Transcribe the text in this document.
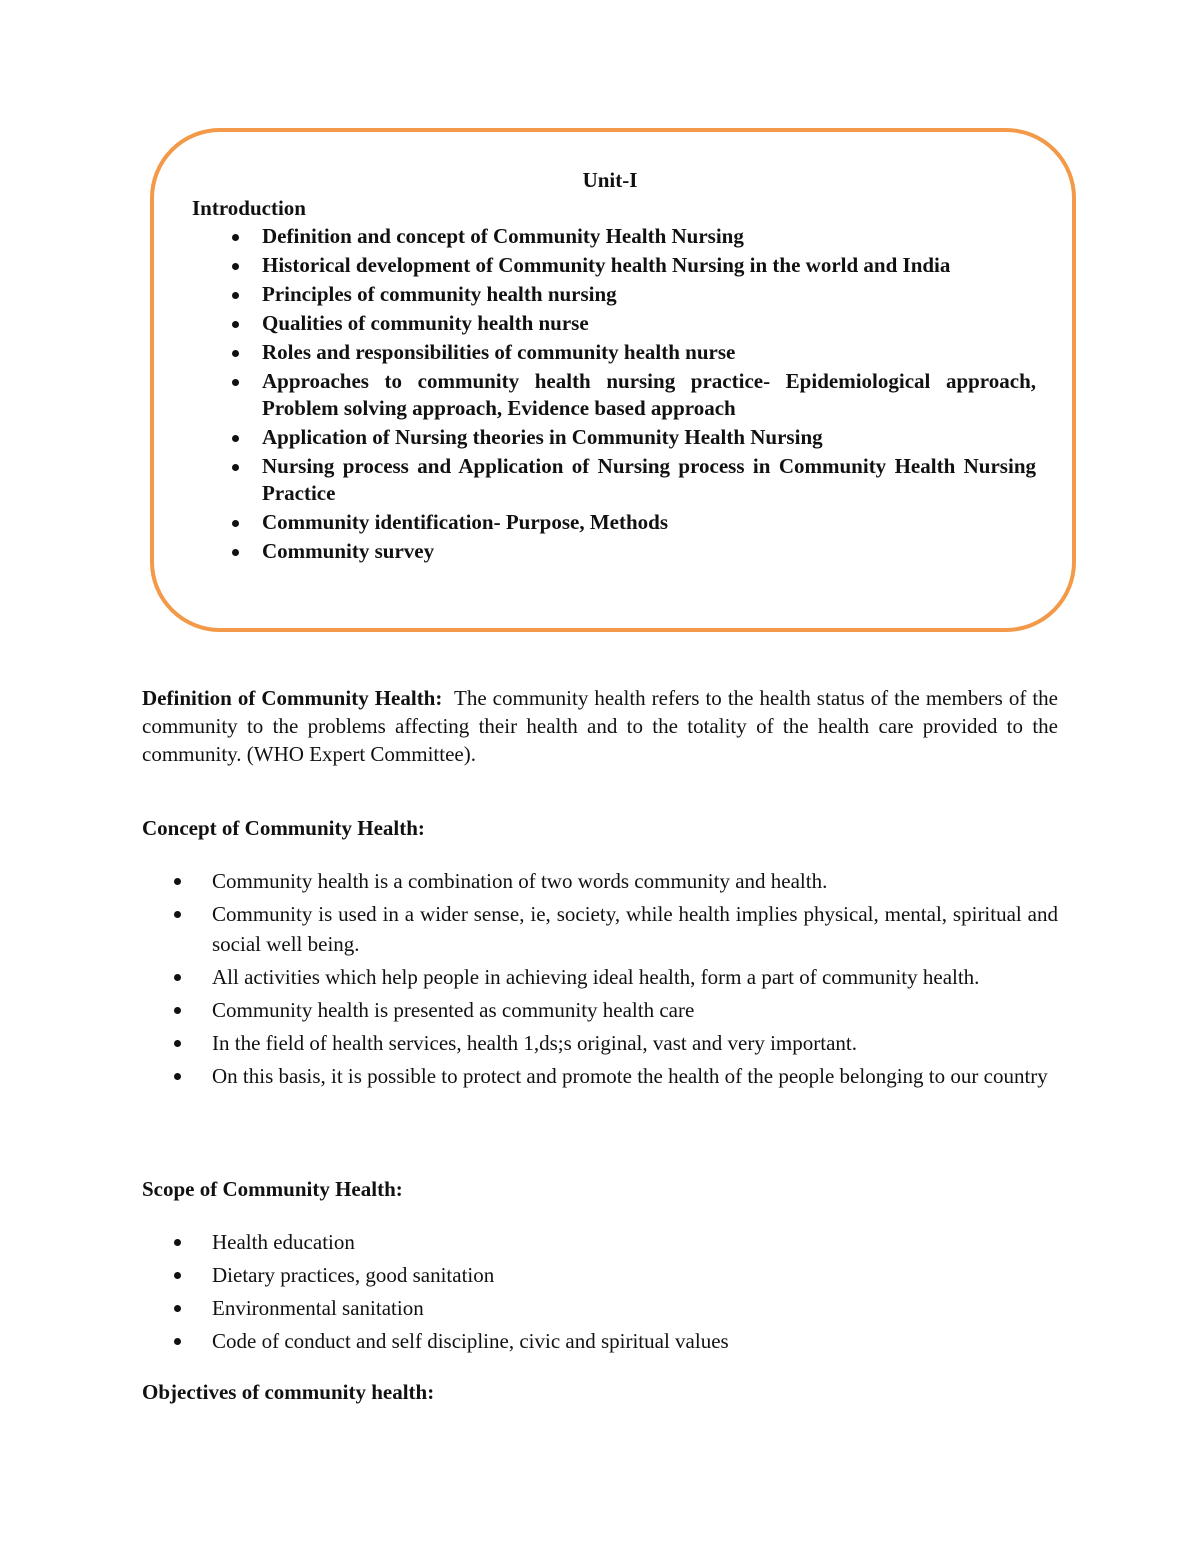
Unit-I
Introduction
Definition and concept of Community Health Nursing
Historical development of Community health Nursing in the world and India
Principles of community health nursing
Qualities of community health nurse
Roles and responsibilities of community health nurse
Approaches to community health nursing practice- Epidemiological approach, Problem solving approach, Evidence based approach
Application of Nursing theories in Community Health Nursing
Nursing process and Application of Nursing process in Community Health Nursing Practice
Community identification- Purpose, Methods
Community survey

Definition of Community Health:  The community health refers to the health status of the members of the community to the problems affecting their health and to the totality of the health care provided to the community. (WHO Expert Committee).

Concept of Community Health:
Community health is a combination of two words community and health.
Community is used in a wider sense, ie, society, while health implies physical, mental, spiritual and social well being.
All activities which help people in achieving ideal health, form a part of community health.
Community health is presented as community health care
In the field of health services, health 1,ds;s original, vast and very important.
On this basis, it is possible to protect and promote the health of the people belonging to our country
Scope of Community Health:
Health education
Dietary practices, good sanitation
Environmental sanitation
Code of conduct and self discipline, civic and spiritual values
Objectives of community health:
